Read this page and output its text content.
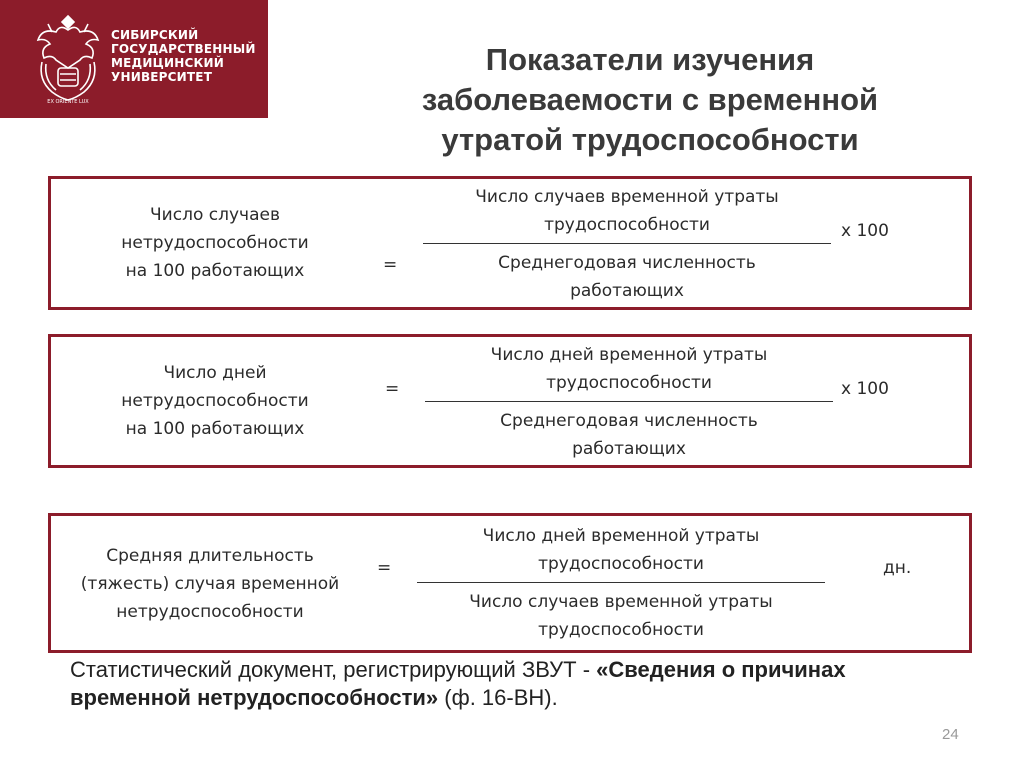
EX ORIENTE LUX
СИБИРСКИЙ
ГОСУДАРСТВЕННЫЙ
МЕДИЦИНСКИЙ
УНИВЕРСИТЕТ	Показатели изучения
заболеваемости с временной
утратой трудоспособности
Число случаев
нетрудоспособности
на 100 работающих	=
Число случаев временной утраты
трудоспособности
Среднегодовая численность
работающих
x 100
Число дней
нетрудоспособности
на 100 работающих
=
Число дней временной утраты
трудоспособности
Среднегодовая численность
работающих
x 100
Средняя длительность
(тяжесть) случая временной
нетрудоспособности
=
Число дней временной утраты
трудоспособности
Число случаев временной утраты
трудоспособности
дн.
Статистический документ, регистрирующий ЗВУТ - «Сведения о причинах временной нетрудоспособности» (ф. 16-ВН).
24
